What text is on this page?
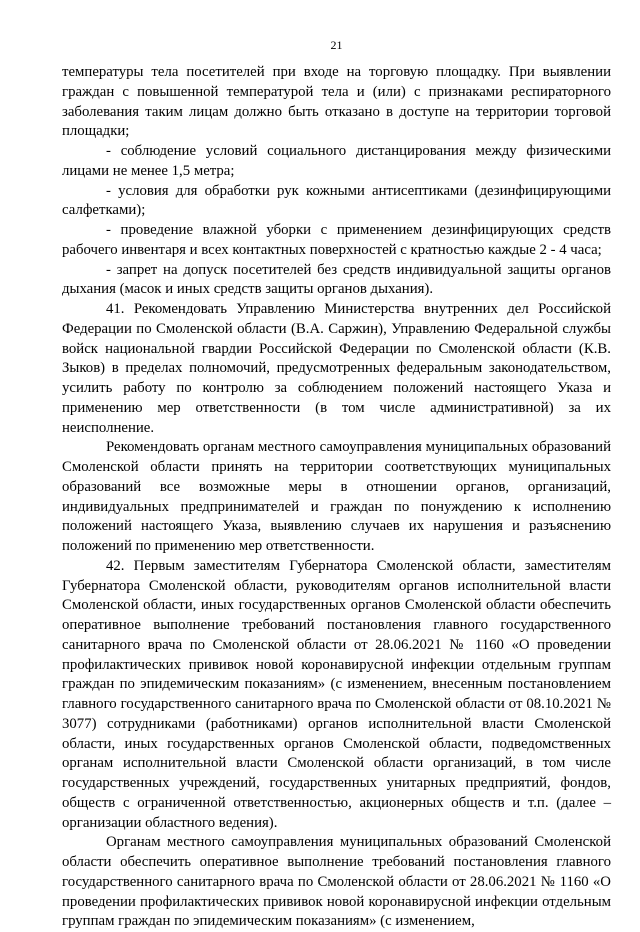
21

температуры тела посетителей при входе на торговую площадку. При выявлении граждан с повышенной температурой тела и (или) с признаками респираторного заболевания таким лицам должно быть отказано в доступе на территории торговой площадки;

- соблюдение условий социального дистанцирования между физическими лицами не менее 1,5 метра;

- условия для обработки рук кожными антисептиками (дезинфицирующими салфетками);

- проведение влажной уборки с применением дезинфицирующих средств рабочего инвентаря и всех контактных поверхностей с кратностью каждые 2 - 4 часа;

- запрет на допуск посетителей без средств индивидуальной защиты органов дыхания (масок и иных средств защиты органов дыхания).

41. Рекомендовать Управлению Министерства внутренних дел Российской Федерации по Смоленской области (В.А. Саржин), Управлению Федеральной службы войск национальной гвардии Российской Федерации по Смоленской области (К.В. Зыков) в пределах полномочий, предусмотренных федеральным законодательством, усилить работу по контролю за соблюдением положений настоящего Указа и применению мер ответственности (в том числе административной) за их неисполнение.

Рекомендовать органам местного самоуправления муниципальных образований Смоленской области принять на территории соответствующих муниципальных образований все возможные меры в отношении органов, организаций, индивидуальных предпринимателей и граждан по понуждению к исполнению положений настоящего Указа, выявлению случаев их нарушения и разъяснению положений по применению мер ответственности.

42. Первым заместителям Губернатора Смоленской области, заместителям Губернатора Смоленской области, руководителям органов исполнительной власти Смоленской области, иных государственных органов Смоленской области обеспечить оперативное выполнение требований постановления главного государственного санитарного врача по Смоленской области от 28.06.2021 № 1160 «О проведении профилактических прививок новой коронавирусной инфекции отдельным группам граждан по эпидемическим показаниям» (с изменением, внесенным постановлением главного государственного санитарного врача по Смоленской области от 08.10.2021 № 3077) сотрудниками (работниками) органов исполнительной власти Смоленской области, иных государственных органов Смоленской области, подведомственных органам исполнительной власти Смоленской области организаций, в том числе государственных учреждений, государственных унитарных предприятий, фондов, обществ с ограниченной ответственностью, акционерных обществ и т.п. (далее – организации областного ведения).

Органам местного самоуправления муниципальных образований Смоленской области обеспечить оперативное выполнение требований постановления главного государственного санитарного врача по Смоленской области от 28.06.2021 № 1160 «О проведении профилактических прививок новой коронавирусной инфекции отдельным группам граждан по эпидемическим показаниям» (с изменением,
